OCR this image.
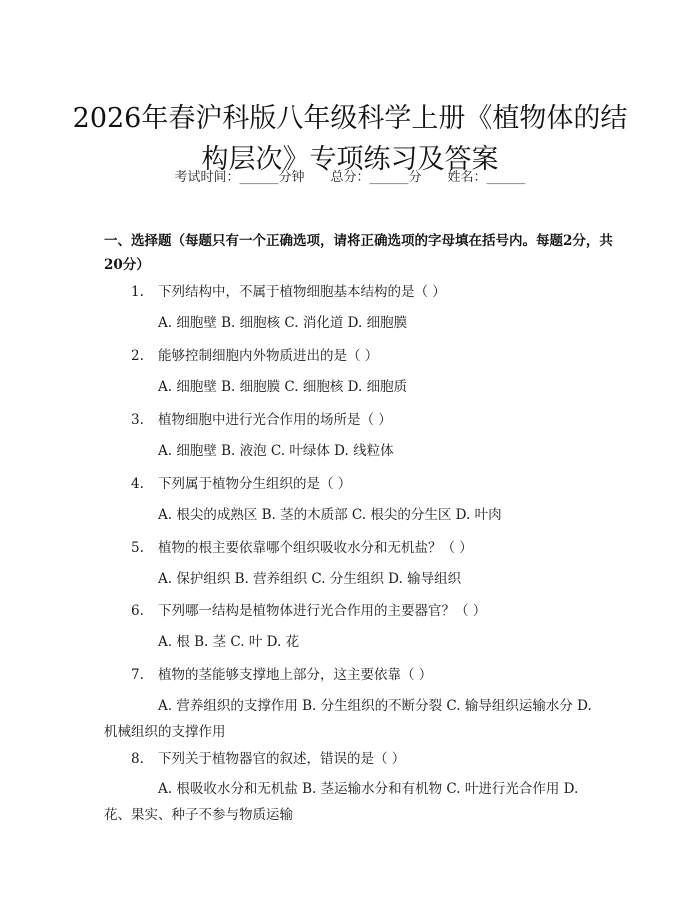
2026年春沪科版八年级科学上册《植物体的结构层次》专项练习及答案
考试时间：______分钟　　总分：______分　　姓名：______
一、选择题（每题只有一个正确选项，请将正确选项的字母填在括号内。每题2分，共20分）
1. 下列结构中，不属于植物细胞基本结构的是（ ）
A. 细胞壁 B. 细胞核 C. 消化道 D. 细胞膜
2. 能够控制细胞内外物质进出的是（ ）
A. 细胞壁 B. 细胞膜 C. 细胞核 D. 细胞质
3. 植物细胞中进行光合作用的场所是（ ）
A. 细胞壁 B. 液泡 C. 叶绿体 D. 线粒体
4. 下列属于植物分生组织的是（ ）
A. 根尖的成熟区 B. 茎的木质部 C. 根尖的分生区 D. 叶肉
5. 植物的根主要依靠哪个组织吸收水分和无机盐？（ ）
A. 保护组织 B. 营养组织 C. 分生组织 D. 输导组织
6. 下列哪一结构是植物体进行光合作用的主要器官？（ ）
A. 根 B. 茎 C. 叶 D. 花
7. 植物的茎能够支撑地上部分，这主要依靠（ ）
A. 营养组织的支撑作用 B. 分生组织的不断分裂 C. 输导组织运输水分 D. 机械组织的支撑作用
8. 下列关于植物器官的叙述，错误的是（ ）
A. 根吸收水分和无机盐 B. 茎运输水分和有机物 C. 叶进行光合作用 D. 花、果实、种子不参与物质运输
